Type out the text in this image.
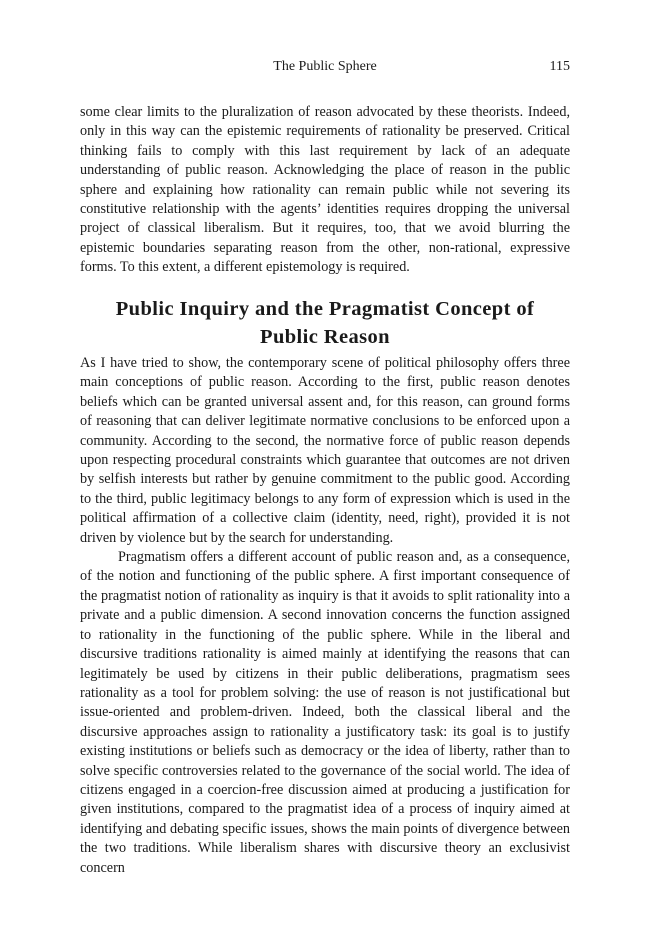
The Public Sphere	115

some clear limits to the pluralization of reason advocated by these theorists. Indeed, only in this way can the epistemic requirements of rationality be preserved. Critical thinking fails to comply with this last requirement by lack of an adequate understanding of public reason. Acknowledging the place of reason in the public sphere and explaining how rationality can remain public while not severing its constitutive relationship with the agents’ identities requires dropping the universal project of classical liberalism. But it requires, too, that we avoid blurring the epistemic boundaries separating reason from the other, non-rational, expressive forms. To this extent, a different epistemology is required.

Public Inquiry and the Pragmatist Concept of
Public Reason

As I have tried to show, the contemporary scene of political philosophy offers three main conceptions of public reason. According to the first, public reason denotes beliefs which can be granted universal assent and, for this reason, can ground forms of reasoning that can deliver legitimate normative conclusions to be enforced upon a community. According to the second, the normative force of public reason depends upon respecting procedural constraints which guarantee that outcomes are not driven by selfish interests but rather by genuine commitment to the public good. According to the third, public legitimacy belongs to any form of expression which is used in the political affirmation of a collective claim (identity, need, right), provided it is not driven by violence but by the search for understanding.

Pragmatism offers a different account of public reason and, as a consequence, of the notion and functioning of the public sphere. A first important consequence of the pragmatist notion of rationality as inquiry is that it avoids to split rationality into a private and a public dimension. A second innovation concerns the function assigned to rationality in the functioning of the public sphere. While in the liberal and discursive traditions rationality is aimed mainly at identifying the reasons that can legitimately be used by citizens in their public deliberations, pragmatism sees rationality as a tool for problem solving: the use of reason is not justificational but issue-oriented and problem-driven. Indeed, both the classical liberal and the discursive approaches assign to rationality a justificatory task: its goal is to justify existing institutions or beliefs such as democracy or the idea of liberty, rather than to solve specific controversies related to the governance of the social world. The idea of citizens engaged in a coercion-free discussion aimed at producing a justification for given institutions, compared to the pragmatist idea of a process of inquiry aimed at identifying and debating specific issues, shows the main points of divergence between the two traditions. While liberalism shares with discursive theory an exclusivist concern
